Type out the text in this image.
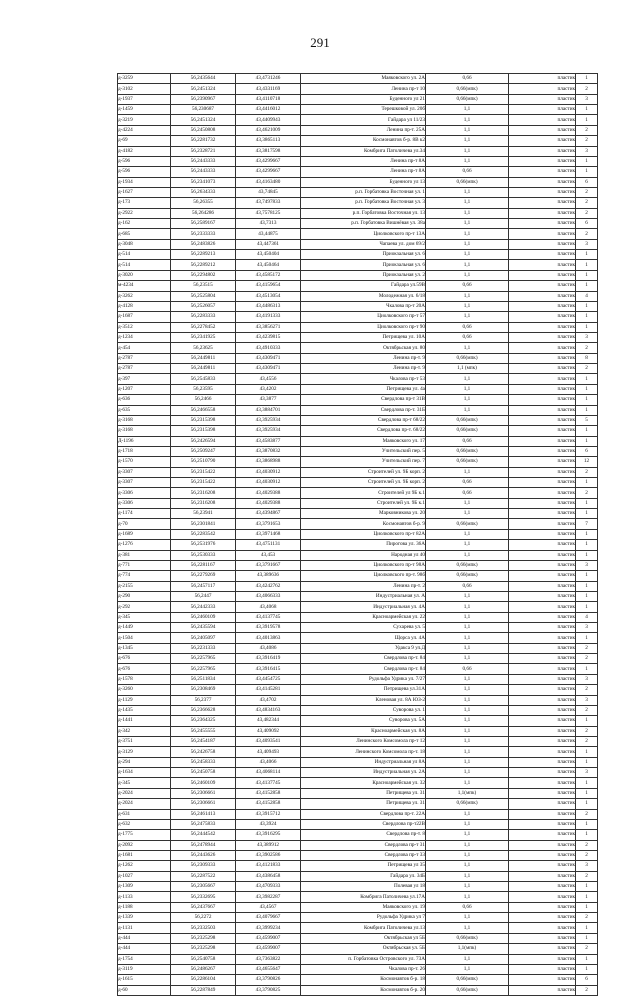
291
д-3259	56,2435644	43,4731246	Маяковского ул. 2А	0,66	пластик	1
д-3102	56,2451324	43,4331169	Ленина пр-т 10	0,66(мпк)	пластик	2
д-1937	56,2390967	43,4110718	Буденного ул 21	0,66(мпк)	пластик	3
д-1459	56,230687	43,4416012	Терешковой ул. 20б	1,1	пластик	1
д-3219	56,2451324	43,4409943	Гайдара ул 11/23	1,1	пластик	1
д-4224	56,2450808	43,4621009	Ленина пр-т. 25А	1,1	пластик	2
д-69	56,2281732	43,3865113	Космонавтов б-р. 8В к2	1,1	пластик	2
д-4182	56,2328721	43,3817598	Комбрига Патоличева ул.34	1,1	пластик	3
д-596	56,2443333	43,4299667	Ленина пр-т 8А	1,1	пластик	1
д-596	56,2443333	43,4299667	Ленина пр-т 8А	0,66	пластик	1
д-1934	56,2341073	43,4163480	Буденного ул 13	0,66(мпк)	пластик	6
д-1627	56,2634333	43,74845	р.п. Горбатовка Восточная ул. 1	1,1	пластик	2
д-173	56,26355	43,7497833	р.п. Горбатовка Восточная ул. 3	1,1	пластик	2
д-2922	56,264286	43,7578125	р.п. Горбатовка Восточная ул. 13	1,1	пластик	2
д-162	56,2589167	43,7313	р.п. Горбатовка Вишнёвая ул. 38а	1,1	пластик	6
д-685	56,2333333	43,44875	Циолковского пр-т 13А	1,1	пластик	2
д-3048	56,2483826	43,447361	Чапаева ул. дом 69/2	1,1	пластик	3
д-514	56,2289213	43,450404	Приокзальная ул. 6	1,1	пластик	1
д-514	56,2289212	43,450464	Приокзальная ул. 6	1,1	пластик	1
д-3020	56,2294802	43,4585172	Приокзальная ул. 2	1,1	пластик	1
м-4234	56,23515	43,4159654	Гайдара ул.59В	0,66	пластик	1
д-3262	56,2525804	43,4513054	Молодежная ул. 6/18	1,1	пластик	4
д-4128	56,2526057	43,4486313	Чкалова пр-т 20А	1,1	пластик	1
д-1687	56,2283333	43,4191333	Циолковского пр-т 57	1,1	пластик	1
д-3512	56,2278452	43,3856271	Циолковского пр-т 90	0,66	пластик	1
д-1234	56,2341925	43,4239815	Петрищева ул. 10А	0,66	пластик	3
д-454	56,23625	43,4910333	Октябрьская ул. 80	1,1	пластик	2
д-2787	56,2449811	43,4309471	Ленина пр-т. 9	0,66(мпк)	пластик	8
д-2787	56,2449811	43,4309471	Ленина пр-т. 9	1,1 (мпк)	пластик	2
д-397	56,2545833	43,4556	Чкалова пр-т 53	1,1	пластик	1
д-1207	56,23595	43,4202	Петрищева ул. 4а	1,1	пластик	1
д-636	56,2466	43,3877	Свердлова пр-т 31В	1,1	пластик	1
д-635	56,2466558	43,3884701	Свердлова пр-т. 31Б	1,1	пластик	1
д-3168	56,2315398	43,3925934	Свердлова пр-т 68/22	0,66(мпк)	пластик	5
д-3168	56,2315398	43,3925934	Свердлова пр-т. 68/22	0,66(мпк)	пластик	1
Д-1196	56,2426594	43,4583877	Маяковского ул. 17	0,66	пластик	1
д-1718	56,2509247	43,3870832	Учительский пер. 5	0,66(мпк)	пластик	6
д-1570	56,2510790	43,3868988	Учительский пер. 7	0,66(мпк)	пластик	12
д-3307	56,2315422	43,4030912	Строителей ул. 9Б корп. 2	1,1	пластик	2
д-3307	56,2315422	43,4030912	Строителей ул. 9Б корп. 2	0,66	пластик	1
д-3306	56,2316208	43,4029388	Строителей ул 9Б к.1	0,66	пластик	2
д-3306	56,2316208	43,4029388	Строителей ул. 9Б к.1	1,1	пластик	1
д-1174	56,23941	43,4394867	Марковниковa ул. 20	1,1	пластик	1
д-70	56,2301841	43,3791653	Космонавтов б-р. 9	0,66(мпк)	пластик	7
д-1689	56,2283542	43,3971468	Циолковского пр-т 82А	1,1	пластик	1
д-1276	56,2531976	43,4751131	Пирогова ул. 36А	1,1	пластик	1
д-381	56,2530333	43,453	Народная ул 40	1,1	пластик	1
д-771	56,2281167	43,3791667	Циолковского пр-т 98А	0,66(мпк)	пластик	3
д-774	56,2279269	43,389636	Циолковского пр-т. 98б	0,66(мпк)	пластик	1
д-2155	56,2457117	43,4242762	Ленина пр-т. 2	0,66	пластик	1
д-290	56,2447	43,4066333	Индустриальная ул. А	1,1	пластик	1
д-292	56,2442333	43,4068	Индустриальная ул. 4А	1,1	пластик	1
д-345	56,2460109	43,4137745	Красноармейская ул. 22	1,1	пластик	4
д-1449	56,2435594	43,3919578	Сухарева ул. 5	1,1	пластик	3
д-1504	56,2405097	43,4013863	Щорса ул. 4А	1,1	пластик	1
д-1345	56,2231333	43,4086	Удакса 9 ул.Д	1,1	пластик	2
д-676	56,2257965	43,3916419	Свердлова пр-т. 84	1,1	пластик	2
д-676	56,2257965	43,3916415	Свердлова пр-т. 84	0,66	пластик	1
д-1578	56,2511834	43,4454725	Рудольфа Удрика ул. 7/27	1,1	пластик	3
д-3260	56,2308469	43,4145281	Петрищева ул.31А	1,1	пластик	2
д-1129	56,2377	43,4702	Кленовая ул. 8А ЮЗ-2	1,1	пластик	3
д-1435	56,2366628	43,4834163	Суворова ул. 1	1,1	пластик	2
д-1441	56,2364325	43,482344	Суворова ул. 5А	1,1	пластик	1
д-342	56,2455555	43,409092	Красноармейская ул. 8А	1,1	пластик	2
д-3751	56,2454187	43,4093541	Ленинского Комсомола пр-т 12	1,1	пластик	2
д-3129	56,2426758	43,409493	Ленинского Комсомола пр-т. 18	1,1	пластик	1
д-294	56,2458333	43,4066	Индустриальная ул 8А	1,1	пластик	1
д-1634	56,2450758	43,4068114	Индустриальная ул. 2А	1,1	пластик	3
д-345	56,2460109	43,4137745	Красноармейская ул. 32	1,1	пластик	1
д-2024	56,2306661	43,4152858	Петрищева ул. 31	1,1(мпк)	пластик	1
д-2024	56,2306661	43,4152858	Петрищева ул. 31	0,66(мпк)	пластик	1
д-631	56,2461413	43,3915712	Свердлова пр-т. 22А	1,1	пластик	2
д-632	56,2475833	43,3924	Свердлова пр-т22В	1,1	пластик	1
д-1775	56,2444542	43,3916295	Свердлова пр-т. 8	1,1	пластик	1
д-2092	56,2478944	43,389912	Свердлова пр-т 31	1,1	пластик	2
д-1681	56,2443626	43,3902586	Свердлова пр-т 33	1,1	пластик	2
д-1262	56,2309333	43,4121833	Петрищева ул 35	1,1	пластик	3
д-1027	56,2287522	43,4386458	Гайдара ул. 34Б	1,1	пластик	2
д-1309	56,2305667	43,4709333	Полевая ул 18	1,1	пластик	1
д-1133	56,2332695	43,3982287	Комбрига Патоличева ул.17А	1,1	пластик	1
д-1188	56,2437667	43,4567	Маяковского ул. 19	0,66	пластик	1
д-1339	56,2272	43,4079667	Рудольфа Удрика ул 7	1,1	пластик	2
д-1131	56,2332503	43,3999234	Комбрига Патоличева ул.13	1,1	пластик	1
д-444	56,2325298	43,4599007	Октябрьская ул 5Б	0,66(мпк)	пластик	1
д-444	56,2325298	43,4599007	Октябрьская ул. 5Б	1,1(мпк)	пластик	2
д-1754	56,2540758	43,7363822	п. Горбатовка Островского ул. 73А	1,1	пластик	1
д-3119	56,2486267	43,4655647	Чкалова пр-т. 26	1,1	пластик	1
д-1615	56,2286104	43,3790826	Космонавтов б-р. 18	0,66(мпк)	пластик	6
д-60	56,2287849	43,3790825	Космонавтов б-р. 20	0,66(мпк)	пластик	2
